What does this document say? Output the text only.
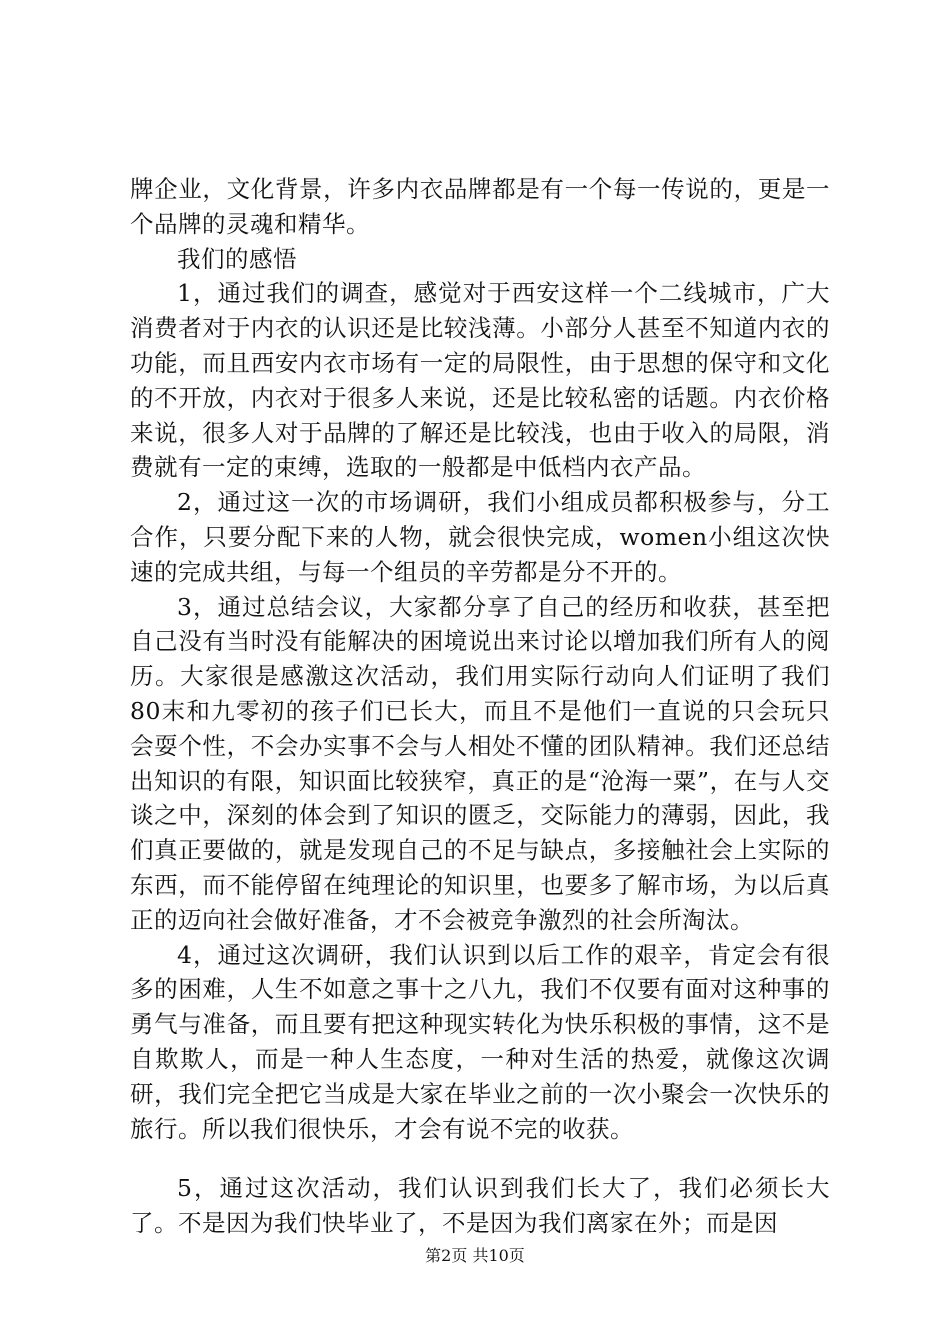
牌企业，文化背景，许多内衣品牌都是有一个每一传说的，更是一个品牌的灵魂和精华。

我们的感悟

1，通过我们的调查，感觉对于西安这样一个二线城市，广大消费者对于内衣的认识还是比较浅薄。小部分人甚至不知道内衣的功能，而且西安内衣市场有一定的局限性，由于思想的保守和文化的不开放，内衣对于很多人来说，还是比较私密的话题。内衣价格来说，很多人对于品牌的了解还是比较浅，也由于收入的局限，消费就有一定的束缚，选取的一般都是中低档内衣产品。

2，通过这一次的市场调研，我们小组成员都积极参与，分工合作，只要分配下来的人物，就会很快完成，women小组这次快速的完成共组，与每一个组员的辛劳都是分不开的。

3，通过总结会议，大家都分享了自己的经历和收获，甚至把自己没有当时没有能解决的困境说出来讨论以增加我们所有人的阅历。大家很是感激这次活动，我们用实际行动向人们证明了我们80末和九零初的孩子们已长大，而且不是他们一直说的只会玩只会耍个性，不会办实事不会与人相处不懂的团队精神。我们还总结出知识的有限，知识面比较狭窄，真正的是“沧海一粟”，在与人交谈之中，深刻的体会到了知识的匮乏，交际能力的薄弱，因此，我们真正要做的，就是发现自己的不足与缺点，多接触社会上实际的东西，而不能停留在纯理论的知识里，也要多了解市场，为以后真正的迈向社会做好准备，才不会被竞争激烈的社会所淘汰。

4，通过这次调研，我们认识到以后工作的艰辛，肯定会有很多的困难，人生不如意之事十之八九，我们不仅要有面对这种事的勇气与准备，而且要有把这种现实转化为快乐积极的事情，这不是自欺欺人，而是一种人生态度，一种对生活的热爱，就像这次调研，我们完全把它当成是大家在毕业之前的一次小聚会一次快乐的旅行。所以我们很快乐，才会有说不完的收获。

5，通过这次活动，我们认识到我们长大了，我们必须长大了。不是因为我们快毕业了，不是因为我们离家在外；而是因

第2页 共10页
